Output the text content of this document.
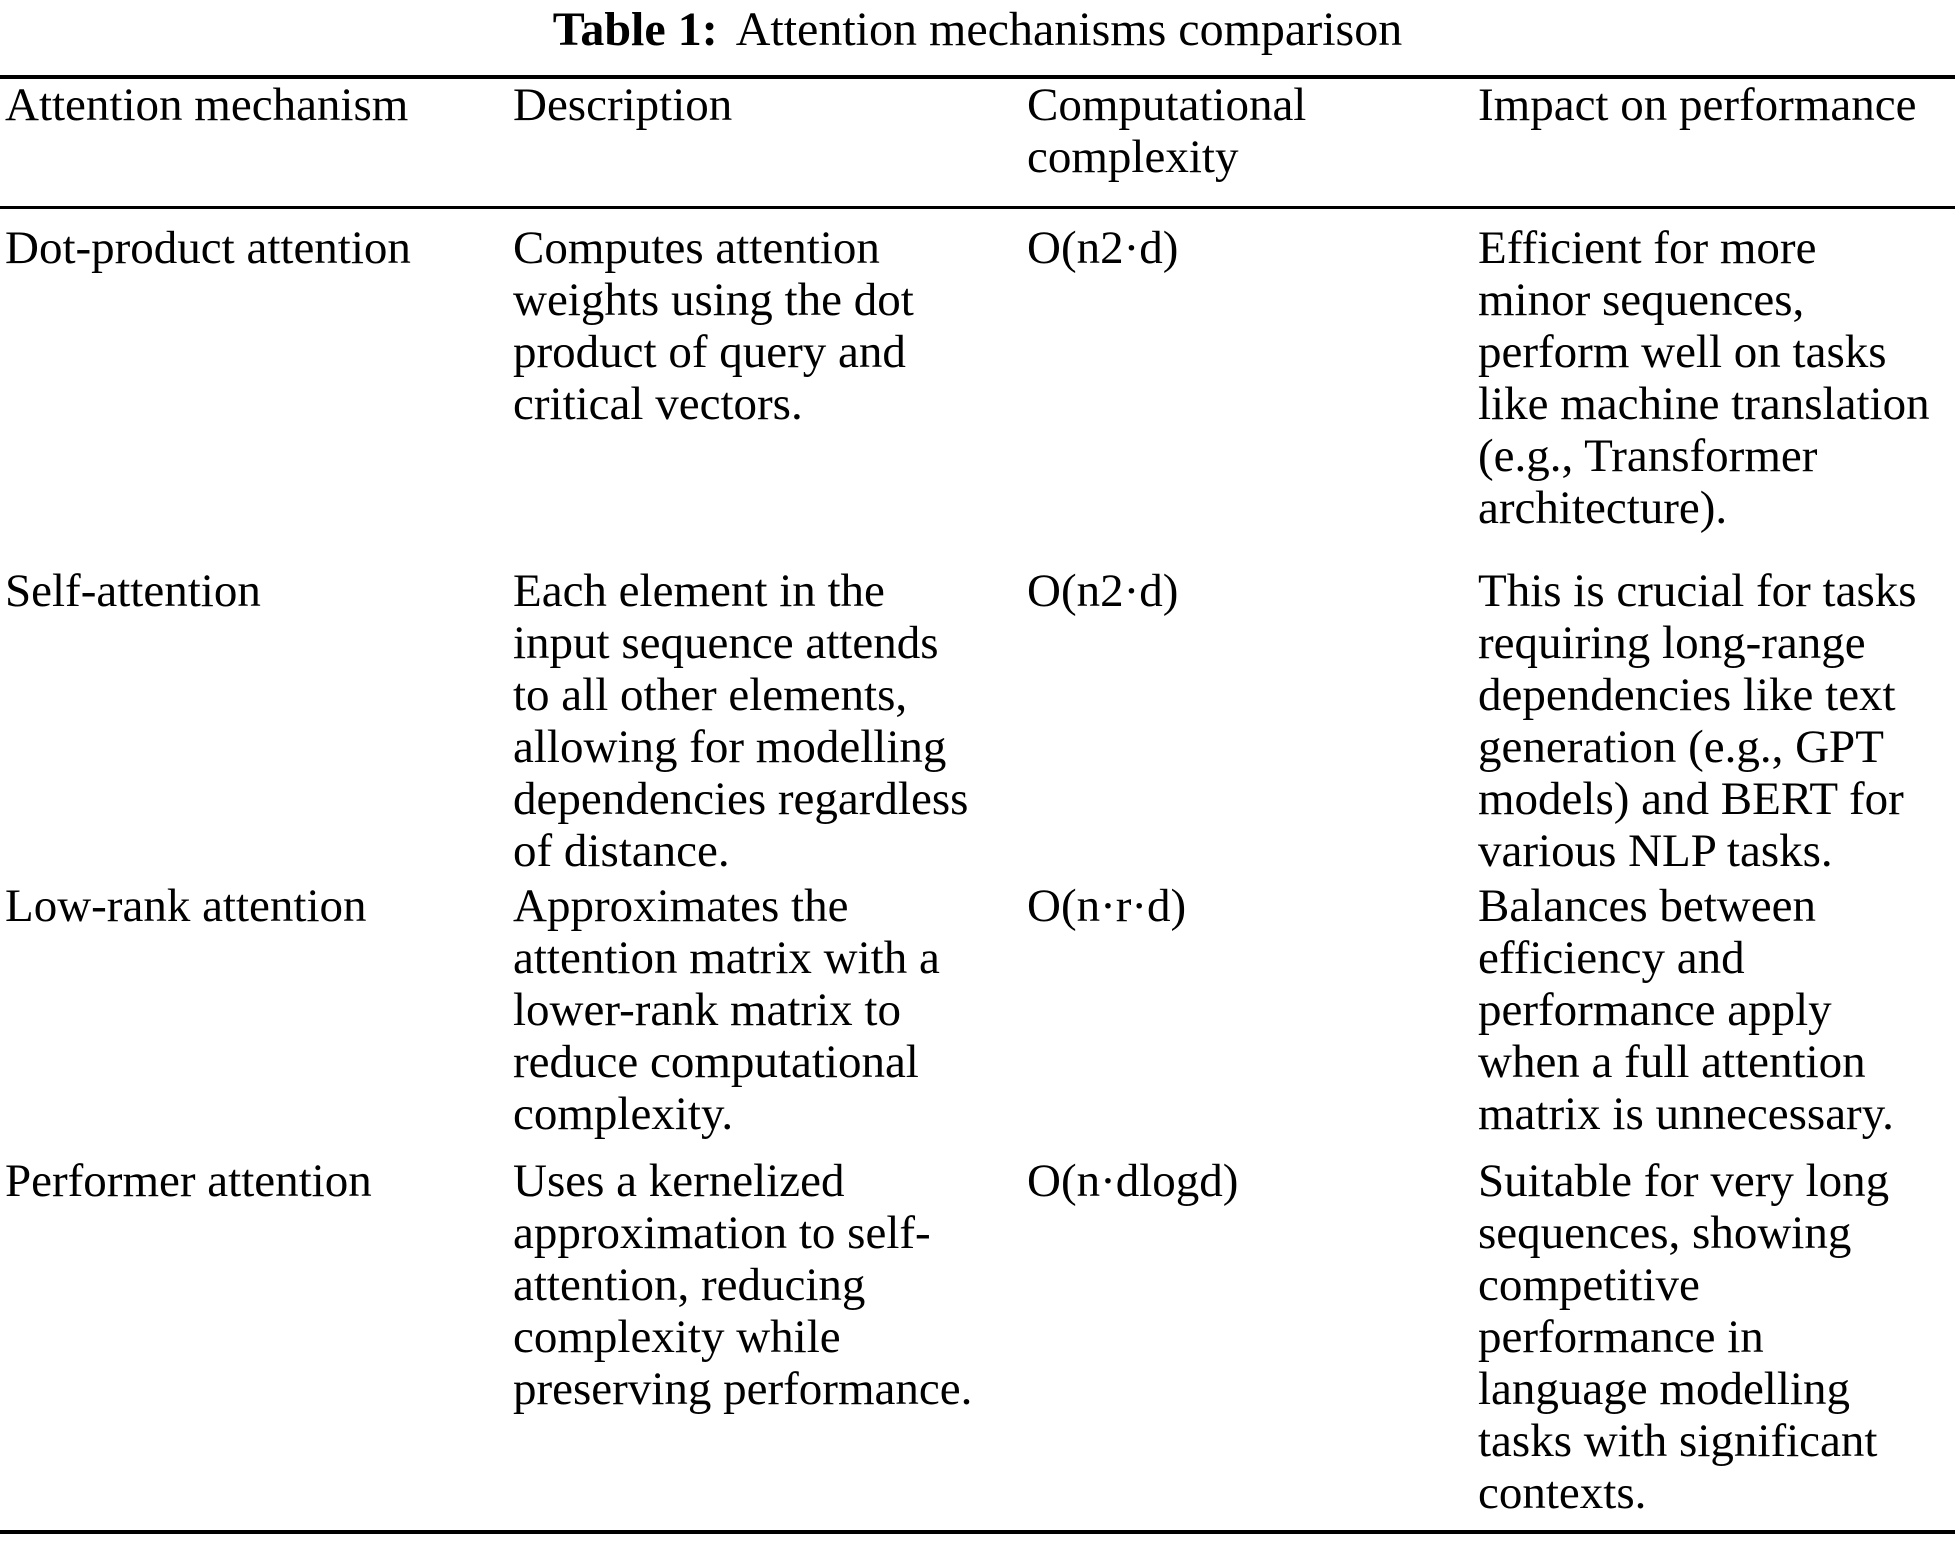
Table 1: Attention mechanisms comparison
Attention mechanism	Description	Computational complexity	Impact on performance
Dot-product attention	Computes attention weights using the dot product of query and critical vectors.	O(n2·d)	Efficient for more minor sequences, perform well on tasks like machine translation (e.g., Transformer architecture).
Self-attention	Each element in the input sequence attends to all other elements, allowing for modelling dependencies regardless of distance.	O(n2·d)	This is crucial for tasks requiring long-range dependencies like text generation (e.g., GPT models) and BERT for various NLP tasks.
Low-rank attention	Approximates the attention matrix with a lower-rank matrix to reduce computational complexity.	O(n·r·d)	Balances between efficiency and performance apply when a full attention matrix is unnecessary.
Performer attention	Uses a kernelized approximation to self-attention, reducing complexity while preserving performance.	O(n·dlogd)	Suitable for very long sequences, showing competitive performance in language modelling tasks with significant contexts.
